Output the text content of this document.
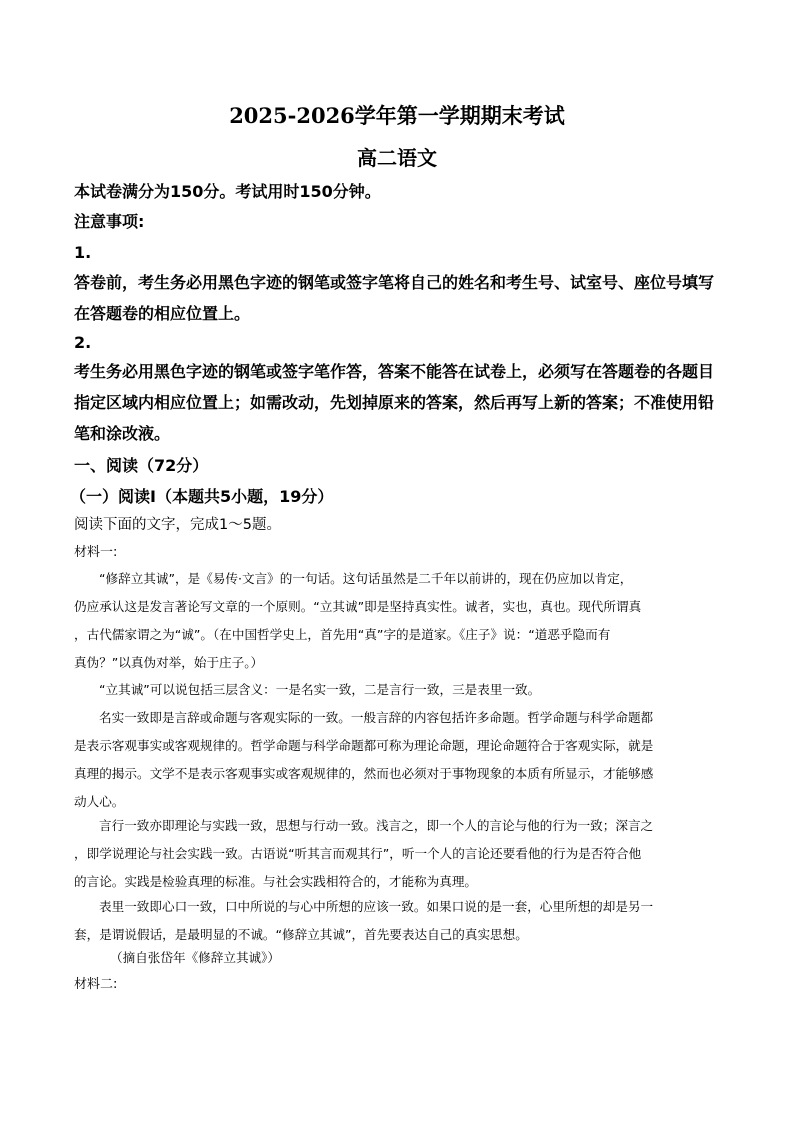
2025-2026学年第一学期期末考试
高二语文
本试卷满分为150分。考试用时150分钟。
注意事项:
1.
答卷前，考生务必用黑色字迹的钢笔或签字笔将自己的姓名和考生号、试室号、座位号填写
在答题卷的相应位置上。
2.
考生务必用黑色字迹的钢笔或签字笔作答，答案不能答在试卷上，必须写在答题卷的各题目
指定区域内相应位置上；如需改动，先划掉原来的答案，然后再写上新的答案；不准使用铅
笔和涂改液。
一、阅读（72分）
（一）阅读Ⅰ（本题共5小题，19分）
阅读下面的文字，完成1～5题。
材料一:
“修辞立其诚”，是《易传·文言》的一句话。这句话虽然是二千年以前讲的，现在仍应加以肯定，
仍应承认这是发言著论写文章的一个原则。“立其诚”即是坚持真实性。诚者，实也，真也。现代所谓真
，古代儒家谓之为“诚”。（在中国哲学史上，首先用“真”字的是道家。《庄子》说：“道恶乎隐而有
真伪？”以真伪对举，始于庄子。）
“立其诚”可以说包括三层含义：一是名实一致，二是言行一致，三是表里一致。
名实一致即是言辞或命题与客观实际的一致。一般言辞的内容包括许多命题。哲学命题与科学命题都
是表示客观事实或客观规律的。哲学命题与科学命题都可称为理论命题，理论命题符合于客观实际，就是
真理的揭示。文学不是表示客观事实或客观规律的，然而也必须对于事物现象的本质有所显示，才能够感
动人心。
言行一致亦即理论与实践一致，思想与行动一致。浅言之，即一个人的言论与他的行为一致；深言之
，即学说理论与社会实践一致。古语说“听其言而观其行”，听一个人的言论还要看他的行为是否符合他
的言论。实践是检验真理的标准。与社会实践相符合的，才能称为真理。
表里一致即心口一致，口中所说的与心中所想的应该一致。如果口说的是一套，心里所想的却是另一
套，是谓说假话，是最明显的不诚。“修辞立其诚”，首先要表达自己的真实思想。
（摘自张岱年《修辞立其诚》）
材料二:
